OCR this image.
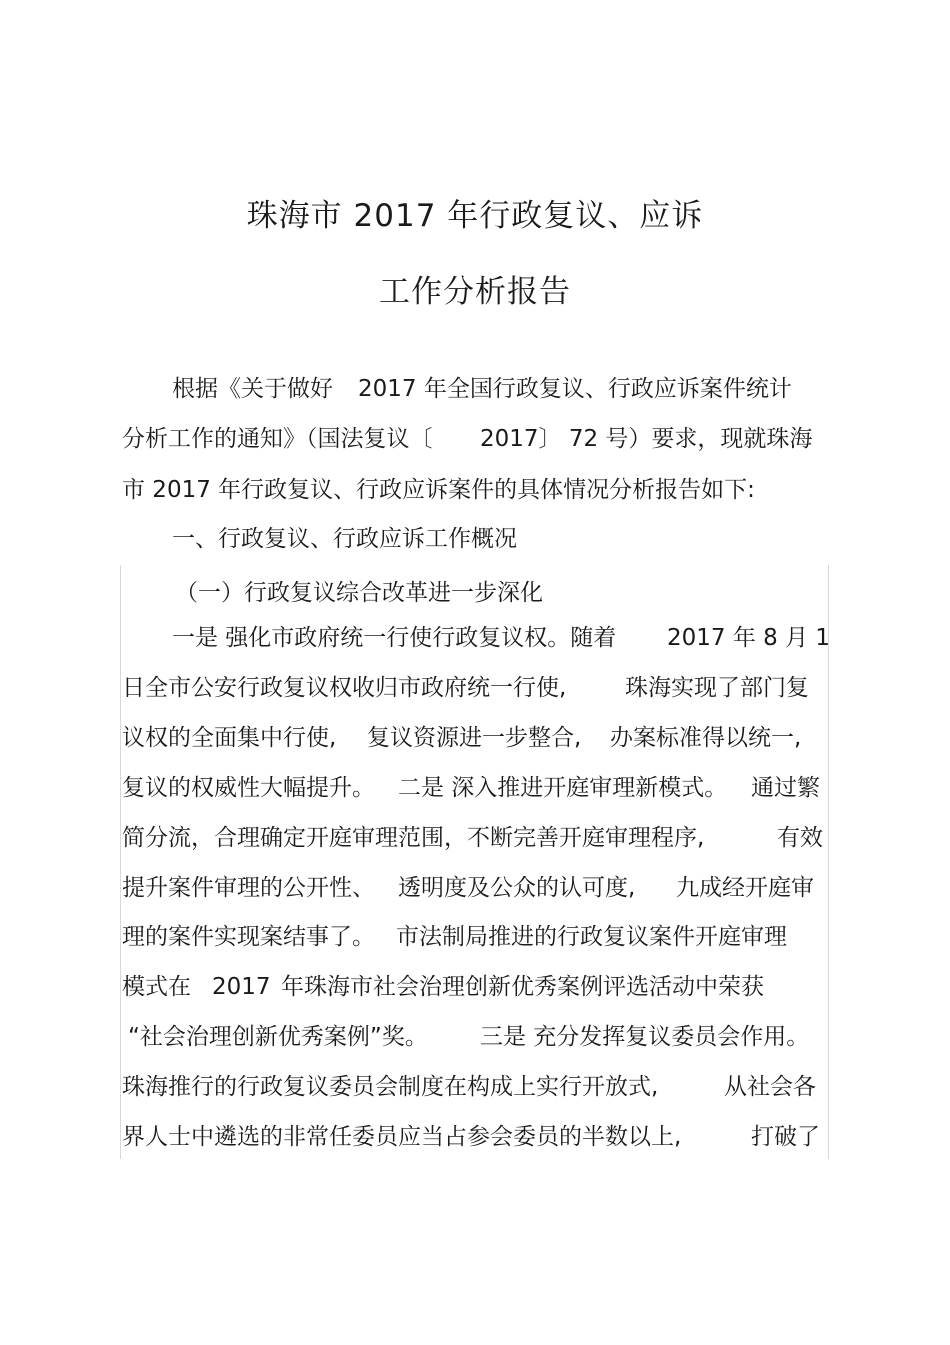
珠海市 2017 年行政复议、应诉
工作分析报告
根据《关于做好 2017 年全国行政复议、行政应诉案件统计
分析工作的通知》（国法复议〔 2017〕 72 号）要求，现就珠海
市 2017 年行政复议、行政应诉案件的具体情况分析报告如下:
一、行政复议、行政应诉工作概况
（一）行政复议综合改革进一步深化
一是 强化市政府统一行使行政复议权。随着 2017 年 8 月 1
日全市公安行政复议权收归市政府统一行使,	珠海实现了部门复
议权的全面集中行使, 复议资源进一步整合, 办案标准得以统一,
复议的权威性大幅提升。 二是 深入推进开庭审理新模式。 通过繁
简分流，合理确定开庭审理范围，不断完善开庭审理程序,	有效
提升案件审理的公开性、 透明度及公众的认可度, 九成经开庭审
理的案件实现案结事了。 市法制局推进的行政复议案件开庭审理
模式在 2017 年珠海市社会治理创新优秀案例评选活动中荣获
“社会治理创新优秀案例”奖。 三是 充分发挥复议委员会作用。
珠海推行的行政复议委员会制度在构成上实行开放式,	从社会各
界人士中遴选的非常任委员应当占参会委员的半数以上,	打破了
